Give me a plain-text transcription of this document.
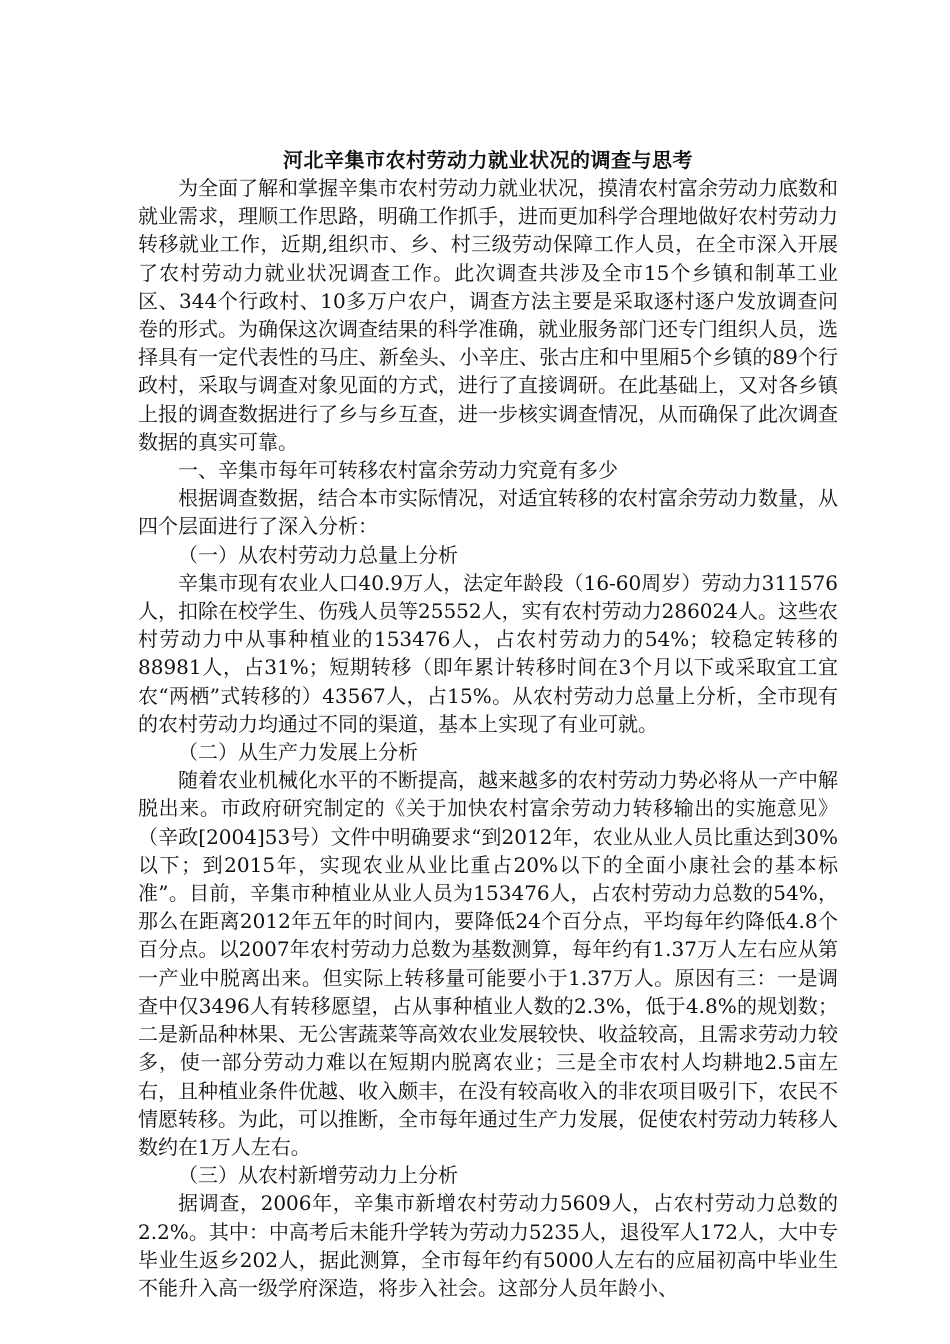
河北辛集市农村劳动力就业状况的调查与思考

为全面了解和掌握辛集市农村劳动力就业状况，摸清农村富余劳动力底数和就业需求，理顺工作思路，明确工作抓手，进而更加科学合理地做好农村劳动力转移就业工作，近期,组织市、乡、村三级劳动保障工作人员，在全市深入开展了农村劳动力就业状况调查工作。此次调查共涉及全市15个乡镇和制革工业区、344个行政村、10多万户农户，调查方法主要是采取逐村逐户发放调查问卷的形式。为确保这次调查结果的科学准确，就业服务部门还专门组织人员，选择具有一定代表性的马庄、新垒头、小辛庄、张古庄和中里厢5个乡镇的89个行政村，采取与调查对象见面的方式，进行了直接调研。在此基础上，又对各乡镇上报的调查数据进行了乡与乡互查，进一步核实调查情况，从而确保了此次调查数据的真实可靠。

一、辛集市每年可转移农村富余劳动力究竟有多少

根据调查数据，结合本市实际情况，对适宜转移的农村富余劳动力数量，从四个层面进行了深入分析：

（一）从农村劳动力总量上分析

辛集市现有农业人口40.9万人，法定年龄段（16-60周岁）劳动力311576人，扣除在校学生、伤残人员等25552人，实有农村劳动力286024人。这些农村劳动力中从事种植业的153476人，占农村劳动力的54%；较稳定转移的88981人，占31%；短期转移（即年累计转移时间在3个月以下或采取宜工宜农“两栖”式转移的）43567人，占15%。从农村劳动力总量上分析，全市现有的农村劳动力均通过不同的渠道，基本上实现了有业可就。

（二）从生产力发展上分析

随着农业机械化水平的不断提高，越来越多的农村劳动力势必将从一产中解脱出来。市政府研究制定的《关于加快农村富余劳动力转移输出的实施意见》（辛政[2004]53号）文件中明确要求“到2012年，农业从业人员比重达到30%以下；到2015年，实现农业从业比重占20%以下的全面小康社会的基本标准”。目前，辛集市种植业从业人员为153476人，占农村劳动力总数的54%，那么在距离2012年五年的时间内，要降低24个百分点，平均每年约降低4.8个百分点。以2007年农村劳动力总数为基数测算，每年约有1.37万人左右应从第一产业中脱离出来。但实际上转移量可能要小于1.37万人。原因有三：一是调查中仅3496人有转移愿望，占从事种植业人数的2.3%，低于4.8%的规划数；二是新品种林果、无公害蔬菜等高效农业发展较快、收益较高，且需求劳动力较多，使一部分劳动力难以在短期内脱离农业；三是全市农村人均耕地2.5亩左右，且种植业条件优越、收入颇丰，在没有较高收入的非农项目吸引下，农民不情愿转移。为此，可以推断，全市每年通过生产力发展，促使农村劳动力转移人数约在1万人左右。

（三）从农村新增劳动力上分析

据调查，2006年，辛集市新增农村劳动力5609人，占农村劳动力总数的2.2%。其中：中高考后未能升学转为劳动力5235人，退役军人172人，大中专毕业生返乡202人，据此测算，全市每年约有5000人左右的应届初高中毕业生不能升入高一级学府深造，将步入社会。这部分人员年龄小、
